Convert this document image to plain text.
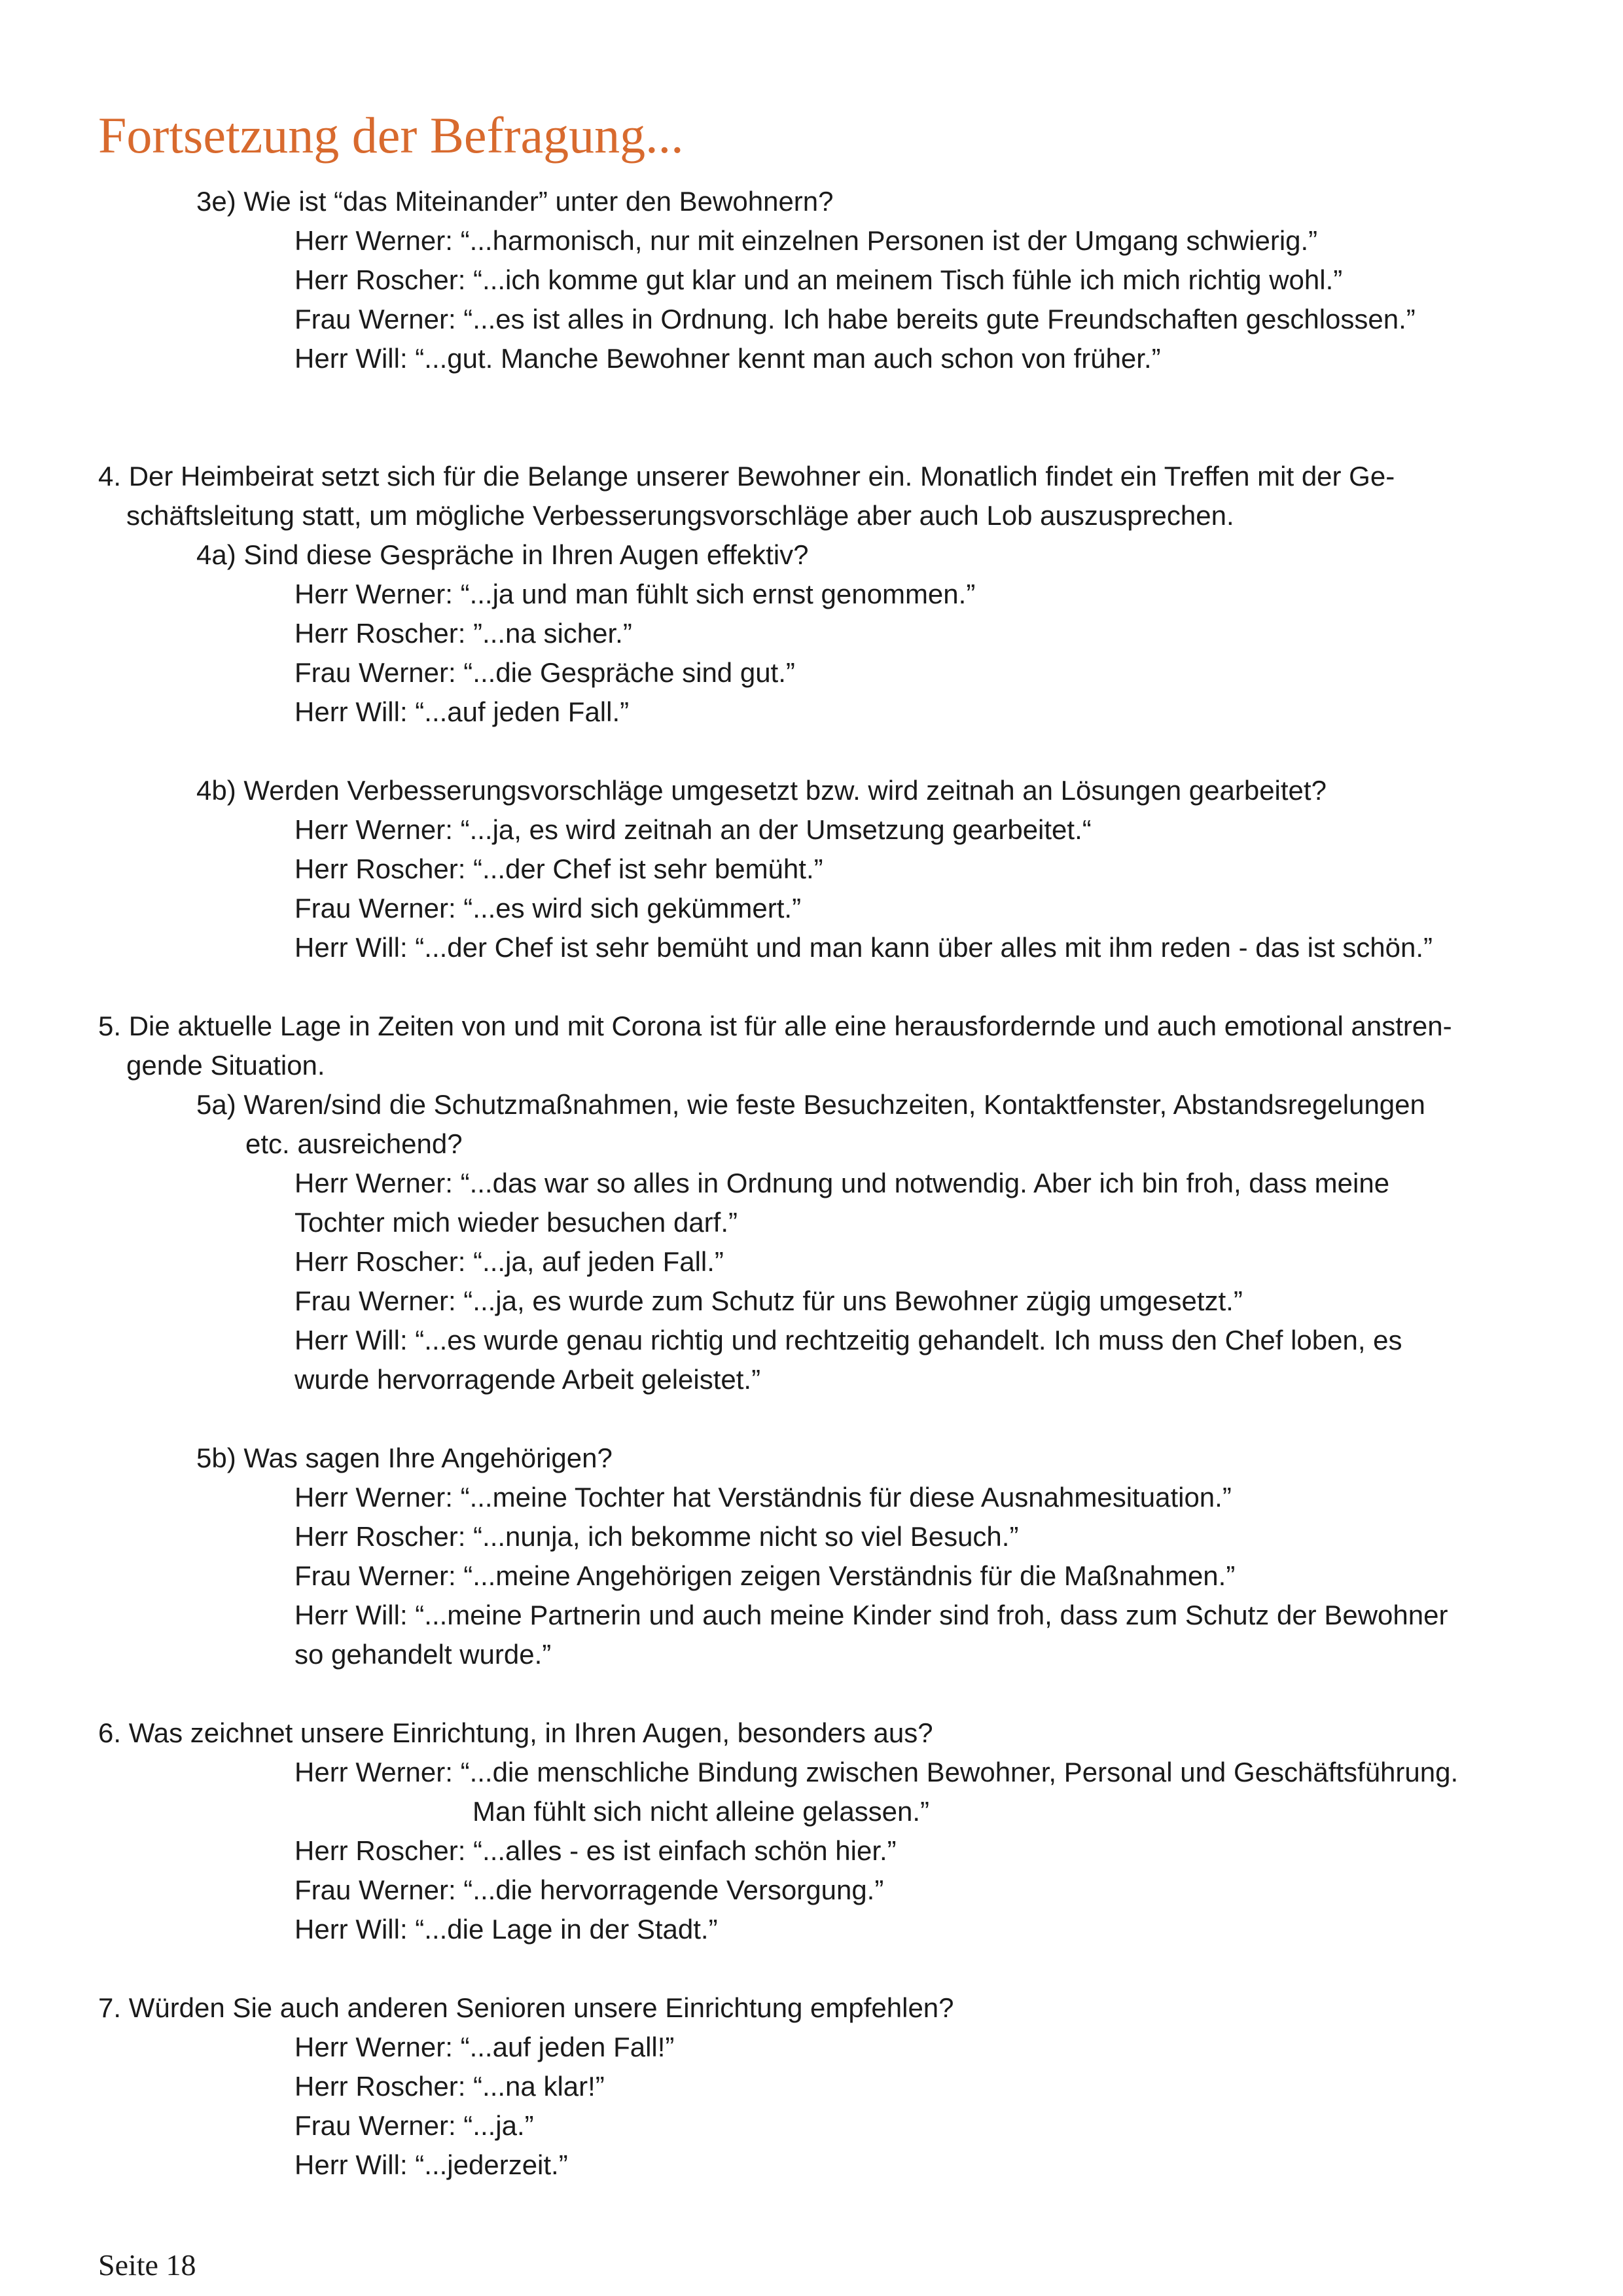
Fortsetzung der Befragung...
3e) Wie ist “das Miteinander” unter den Bewohnern?
Herr Werner: “...harmonisch, nur mit einzelnen Personen ist der Umgang schwierig.”
Herr Roscher: “...ich komme gut klar und an meinem Tisch fühle ich mich richtig wohl.”
Frau Werner: “...es ist alles in Ordnung. Ich habe bereits gute Freundschaften geschlossen.”
Herr Will: “...gut. Manche Bewohner kennt man auch schon von früher.”
4. Der Heimbeirat setzt sich für die Belange unserer Bewohner ein. Monatlich findet ein Treffen mit der Ge-
schäftsleitung statt, um mögliche Verbesserungsvorschläge aber auch Lob auszusprechen.
4a) Sind diese Gespräche in Ihren Augen effektiv?
Herr Werner: “...ja und man fühlt sich ernst genommen.”
Herr Roscher: ”...na sicher.”
Frau Werner: “...die Gespräche sind gut.”
Herr Will: “...auf jeden Fall.”
4b) Werden Verbesserungsvorschläge umgesetzt bzw. wird zeitnah an Lösungen gearbeitet?
Herr Werner: “...ja, es wird zeitnah an der Umsetzung gearbeitet.“
Herr Roscher: “...der Chef ist sehr bemüht.”
Frau Werner: “...es wird sich gekümmert.”
Herr Will: “...der Chef ist sehr bemüht und man kann über alles mit ihm reden - das ist schön.”
5. Die aktuelle Lage in Zeiten von und mit Corona ist für alle eine herausfordernde und auch emotional anstren-
gende Situation.
5a) Waren/sind die Schutzmaßnahmen, wie feste Besuchzeiten, Kontaktfenster, Abstandsregelungen
etc. ausreichend?
Herr Werner: “...das war so alles in Ordnung und notwendig. Aber ich bin froh, dass meine
Tochter mich wieder besuchen darf.”
Herr Roscher: “...ja, auf jeden Fall.”
Frau Werner: “...ja, es wurde zum Schutz für uns Bewohner zügig umgesetzt.”
Herr Will: “...es wurde genau richtig und rechtzeitig gehandelt. Ich muss den Chef loben, es
wurde hervorragende Arbeit geleistet.”
5b) Was sagen Ihre Angehörigen?
Herr Werner: “...meine Tochter hat Verständnis für diese Ausnahmesituation.”
Herr Roscher: “...nunja, ich bekomme nicht so viel Besuch.”
Frau Werner: “...meine Angehörigen zeigen Verständnis für die Maßnahmen.”
Herr Will: “...meine Partnerin und auch meine Kinder sind froh, dass zum Schutz der Bewohner
so gehandelt wurde.”
6. Was zeichnet unsere Einrichtung, in Ihren Augen, besonders aus?
Herr Werner: “...die menschliche Bindung zwischen Bewohner, Personal und Geschäftsführung.
Man fühlt sich nicht alleine gelassen.”
Herr Roscher: “...alles - es ist einfach schön hier.”
Frau Werner: “...die hervorragende Versorgung.”
Herr Will: “...die Lage in der Stadt.”
7. Würden Sie auch anderen Senioren unsere Einrichtung empfehlen?
Herr Werner: “...auf jeden Fall!”
Herr Roscher: “...na klar!”
Frau Werner: “...ja.”
Herr Will: “...jederzeit.”
Seite 18
